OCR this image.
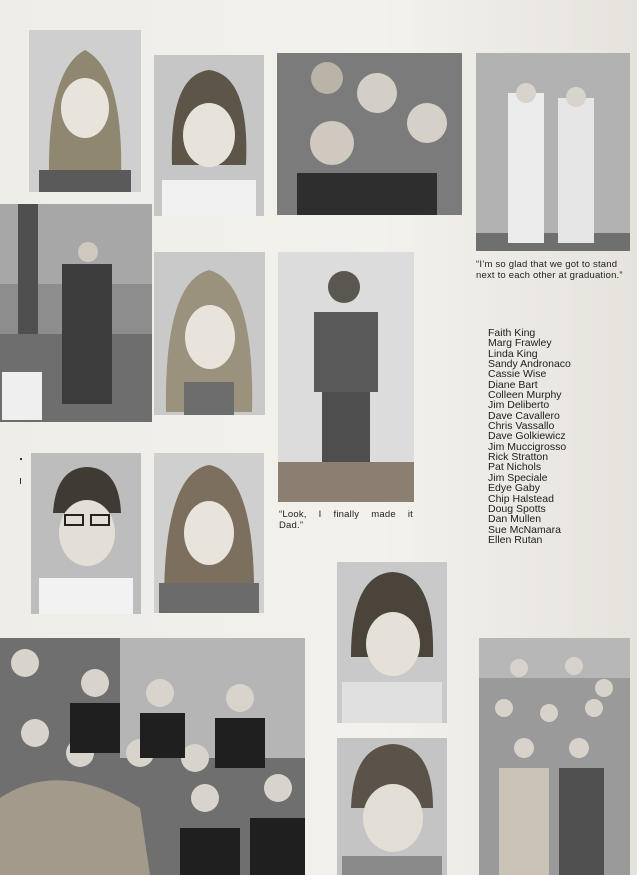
“I’m so glad that we got to stand next to each other at graduation.”

“Look, I finally made it

Dad.”

Faith King
Marg Frawley
Linda King
Sandy Andronaco
Cassie Wise
Diane Bart
Colleen Murphy
Jim Deliberto
Dave Cavallero
Chris Vassallo
Dave Golkiewicz
Jim Muccigrosso
Rick Stratton
Pat Nichols
Jim Speciale
Edye Gaby
Chip Halstead
Doug Spotts
Dan Mullen
Sue McNamara
Ellen Rutan
